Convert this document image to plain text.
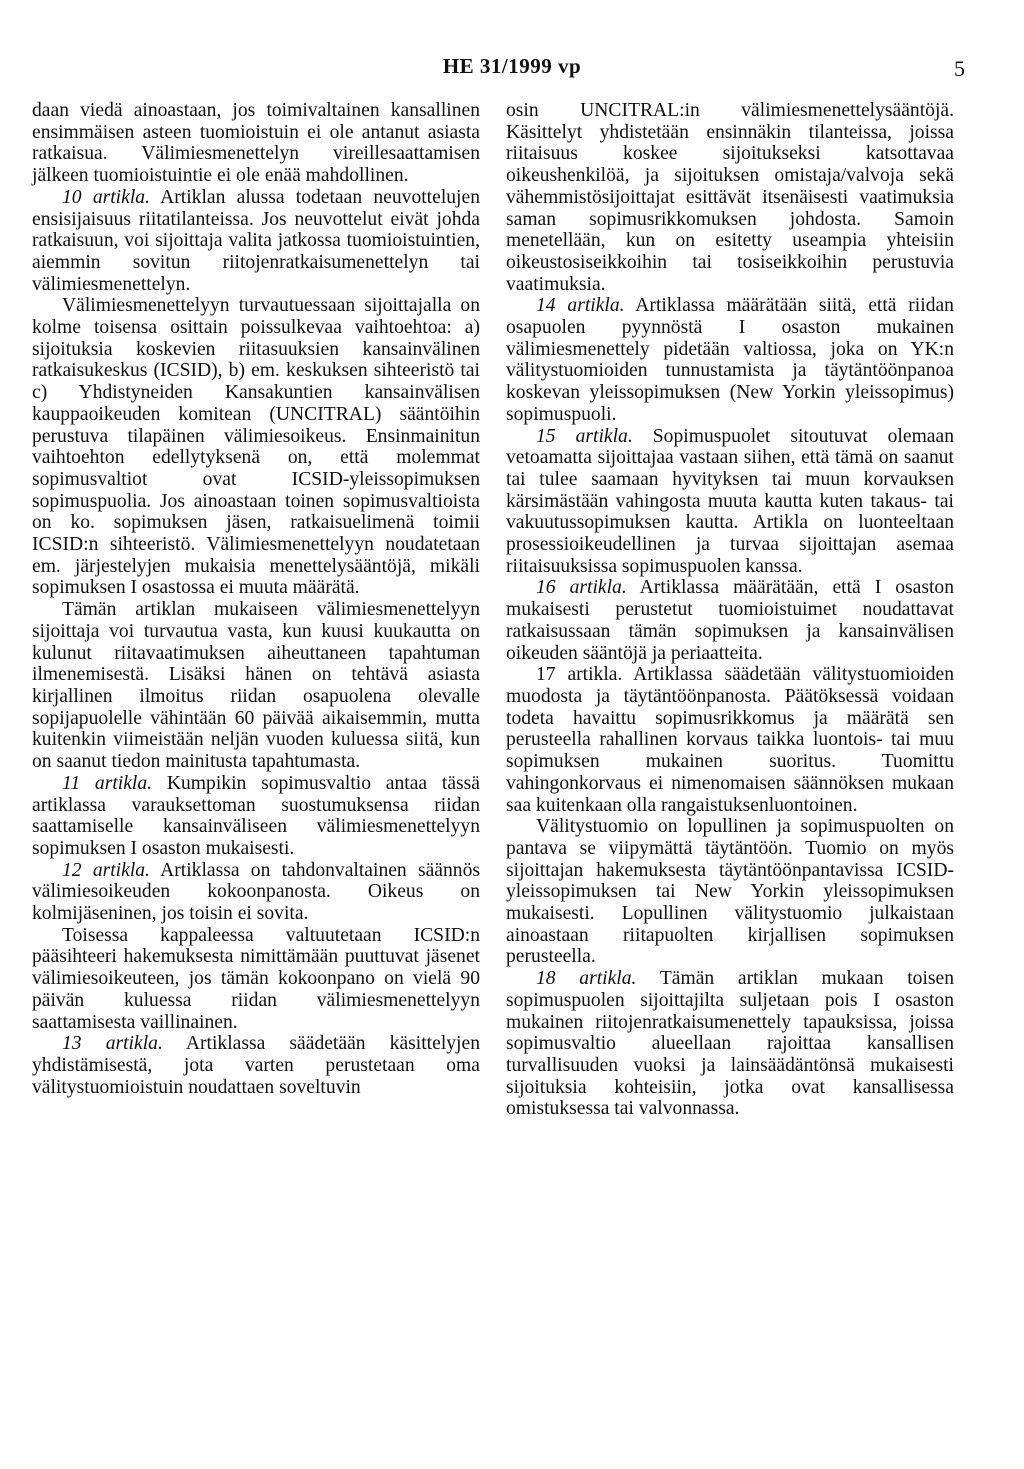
HE 31/1999 vp	5

daan viedä ainoastaan, jos toimivaltainen kansallinen ensimmäisen asteen tuomioistuin ei ole antanut asiasta ratkaisua. Välimiesmenettelyn vireillesaattamisen jälkeen tuomioistuintie ei ole enää mahdollinen.

10 artikla. Artiklan alussa todetaan neuvottelujen ensisijaisuus riitatilanteissa. Jos neuvottelut eivät johda ratkaisuun, voi sijoittaja valita jatkossa tuomioistuintien, aiemmin sovitun riitojenratkaisumenettelyn tai välimiesmenettelyn.

Välimiesmenettelyyn turvautuessaan sijoittajalla on kolme toisensa osittain poissulkevaa vaihtoehtoa: a) sijoituksia koskevien riitasuuksien kansainvälinen ratkaisukeskus (ICSID), b) em. keskuksen sihteeristö tai c) Yhdistyneiden Kansakuntien kansainvälisen kauppaoikeuden komitean (UNCITRAL) sääntöihin perustuva tilapäinen välimiesoikeus. Ensinmainitun vaihtoehton edellytyksenä on, että molemmat sopimusvaltiot ovat ICSID-yleissopimuksen sopimuspuolia. Jos ainoastaan toinen sopimusvaltioista on ko. sopimuksen jäsen, ratkaisuelimenä toimii ICSID:n sihteeristö. Välimiesmenettelyyn noudatetaan em. järjestelyjen mukaisia menettelysääntöjä, mikäli sopimuksen I osastossa ei muuta määrätä.

Tämän artiklan mukaiseen välimiesmenettelyyn sijoittaja voi turvautua vasta, kun kuusi kuukautta on kulunut riitavaatimuksen aiheuttaneen tapahtuman ilmenemisestä. Lisäksi hänen on tehtävä asiasta kirjallinen ilmoitus riidan osapuolena olevalle sopijapuolelle vähintään 60 päivää aikaisemmin, mutta kuitenkin viimeistään neljän vuoden kuluessa siitä, kun on saanut tiedon mainitusta tapahtumasta.

11 artikla. Kumpikin sopimusvaltio antaa tässä artiklassa varauksettoman suostumuksensa riidan saattamiselle kansainväliseen välimiesmenettelyyn sopimuksen I osaston mukaisesti.

12 artikla. Artiklassa on tahdonvaltainen säännös välimiesoikeuden kokoonpanosta. Oikeus on kolmijäseninen, jos toisin ei sovita.

Toisessa kappaleessa valtuutetaan ICSID:n pääsihteeri hakemuksesta nimittämään puuttuvat jäsenet välimiesoikeuteen, jos tämän kokoonpano on vielä 90 päivän kuluessa riidan välimiesmenettelyyn saattamisesta vaillinainen.

13 artikla. Artiklassa säädetään käsittelyjen yhdistämisestä, jota varten perustetaan oma välitystuomioistuin noudattaen soveltuvin

osin UNCITRAL:in välimiesmenettelysääntöjä. Käsittelyt yhdistetään ensinnäkin tilanteissa, joissa riitaisuus koskee sijoitukseksi katsottavaa oikeushenkilöä, ja sijoituksen omistaja/valvoja sekä vähemmistösijoittajat esittävät itsenäisesti vaatimuksia saman sopimusrikkomuksen johdosta. Samoin menetellään, kun on esitetty useampia yhteisiin oikeustosiseikkoihin tai tosiseikkoihin perustuvia vaatimuksia.

14 artikla. Artiklassa määrätään siitä, että riidan osapuolen pyynnöstä I osaston mukainen välimiesmenettely pidetään valtiossa, joka on YK:n välitystuomioiden tunnustamista ja täytäntöönpanoa koskevan yleissopimuksen (New Yorkin yleissopimus) sopimuspuoli.

15 artikla. Sopimuspuolet sitoutuvat olemaan vetoamatta sijoittajaa vastaan siihen, että tämä on saanut tai tulee saamaan hyvityksen tai muun korvauksen kärsimästään vahingosta muuta kautta kuten takaus- tai vakuutussopimuksen kautta. Artikla on luonteeltaan prosessioikeudellinen ja turvaa sijoittajan asemaa riitaisuuksissa sopimuspuolen kanssa.

16 artikla. Artiklassa määrätään, että I osaston mukaisesti perustetut tuomioistuimet noudattavat ratkaisussaan tämän sopimuksen ja kansainvälisen oikeuden sääntöjä ja periaatteita.

17 artikla. Artiklassa säädetään välitystuomioiden muodosta ja täytäntöönpanosta. Päätöksessä voidaan todeta havaittu sopimusrikkomus ja määrätä sen perusteella rahallinen korvaus taikka luontois- tai muu sopimuksen mukainen suoritus. Tuomittu vahingonkorvaus ei nimenomaisen säännöksen mukaan saa kuitenkaan olla rangaistuksenluontoinen.

Välitystuomio on lopullinen ja sopimuspuolten on pantava se viipymättä täytäntöön. Tuomio on myös sijoittajan hakemuksesta täytäntöönpantavissa ICSID-yleissopimuksen tai New Yorkin yleissopimuksen mukaisesti. Lopullinen välitystuomio julkaistaan ainoastaan riitapuolten kirjallisen sopimuksen perusteella.

18 artikla. Tämän artiklan mukaan toisen sopimuspuolen sijoittajilta suljetaan pois I osaston mukainen riitojenratkaisumenettely tapauksissa, joissa sopimusvaltio alueellaan rajoittaa kansallisen turvallisuuden vuoksi ja lainsäädäntönsä mukaisesti sijoituksia kohteisiin, jotka ovat kansallisessa omistuksessa tai valvonnassa.
